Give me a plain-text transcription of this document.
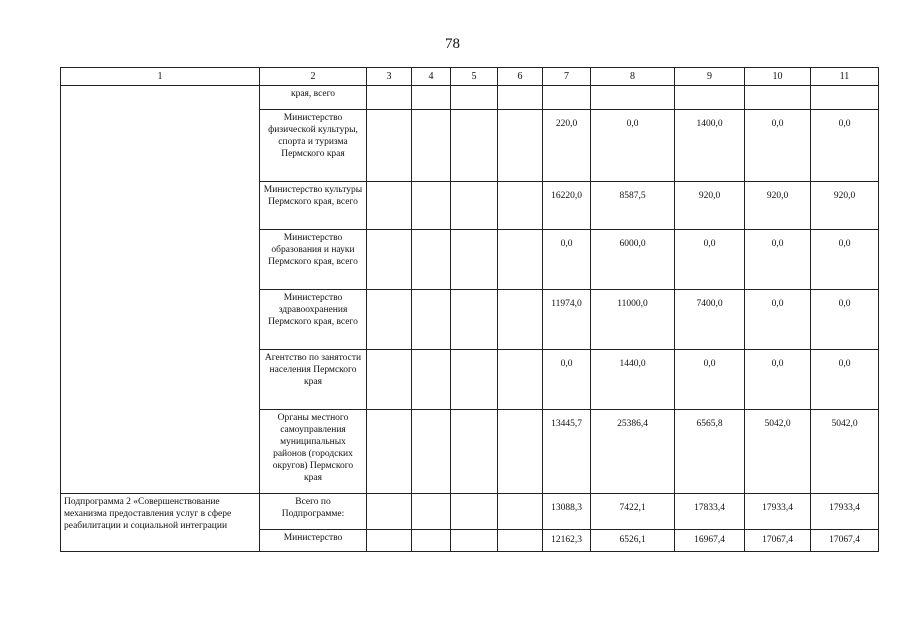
78
1	2	3	4	5	6	7	8	9	10	11
	края, всего									
	Министерство физической культуры, спорта и туризма Пермского края					220,0	0,0	1400,0	0,0	0,0
	Министерство культуры Пермского края, всего					16220,0	8587,5	920,0	920,0	920,0
	Министерство образования и науки Пермского края, всего					0,0	6000,0	0,0	0,0	0,0
	Министерство здравоохранения Пермского края, всего					11974,0	11000,0	7400,0	0,0	0,0
	Агентство по занятости населения Пермского края					0,0	1440,0	0,0	0,0	0,0
	Органы местного самоуправления муниципальных районов (городских округов) Пермского края					13445,7	25386,4	6565,8	5042,0	5042,0
Подпрограмма 2 «Совершенствование механизма предоставления услуг в сфере реабилитации и социальной интеграции	Всего по Подпрограмме:					13088,3	7422,1	17833,4	17933,4	17933,4
	Министерство					12162,3	6526,1	16967,4	17067,4	17067,4
